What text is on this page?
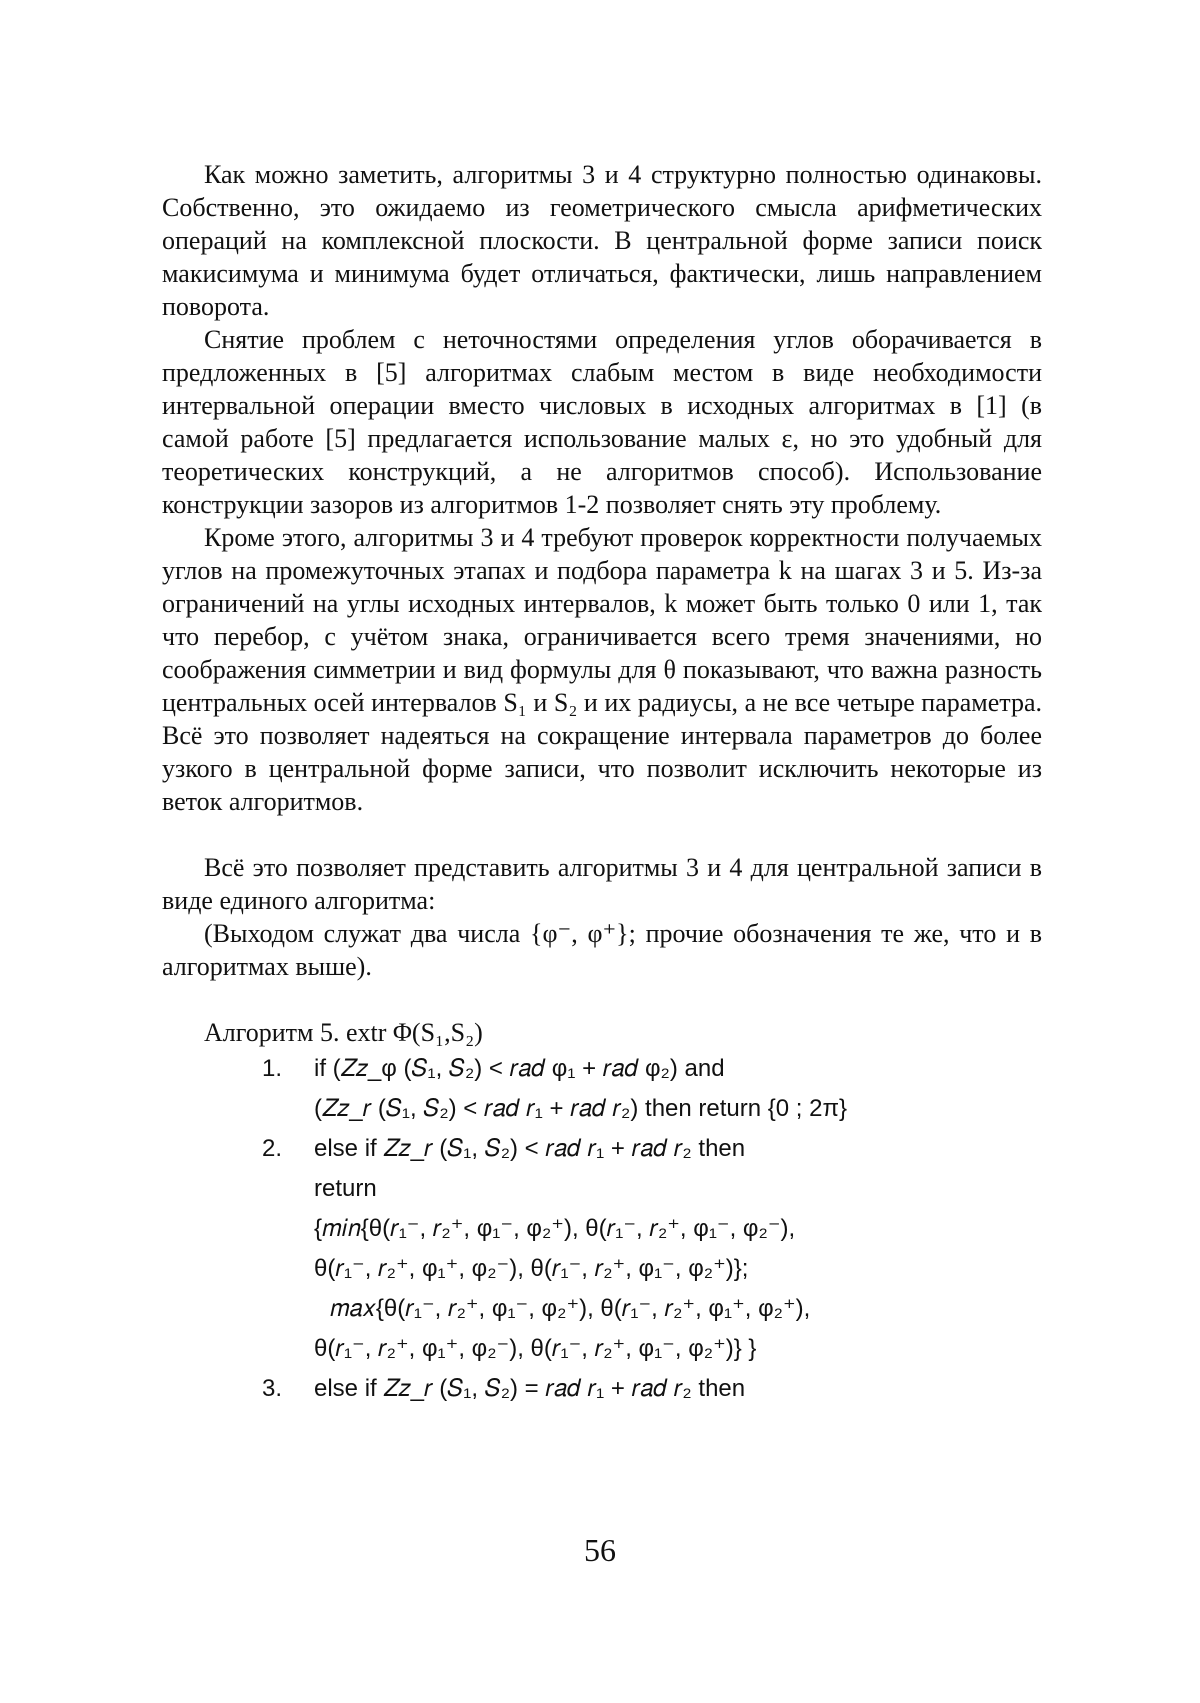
Как можно заметить, алгоритмы 3 и 4 структурно полностью одинаковы. Собственно, это ожидаемо из геометрического смысла арифметических операций на комплексной плоскости. В центральной форме записи поиск макисимума и минимума будет отличаться, фактически, лишь направлением поворота.

Снятие проблем с неточностями определения углов оборачивается в предложенных в [5] алгоритмах слабым местом в виде необходимости интервальной операции вместо числовых в исходных алгоритмах в [1] (в самой работе [5] предлагается использование малых ε, но это удобный для теоретических конструкций, а не алгоритмов способ). Использование конструкции зазоров из алгоритмов 1-2 позволяет снять эту проблему.

Кроме этого, алгоритмы 3 и 4 требуют проверок корректности получаемых углов на промежуточных этапах и подбора параметра k на шагах 3 и 5. Из-за ограничений на углы исходных интервалов, k может быть только 0 или 1, так что перебор, с учётом знака, ограничивается всего тремя значениями, но соображения симметрии и вид формулы для θ показывают, что важна разность центральных осей интервалов S₁ и S₂ и их радиусы, а не все четыре параметра. Всё это позволяет надеяться на сокращение интервала параметров до более узкого в центральной форме записи, что позволит исключить некоторые из веток алгоритмов.

Всё это позволяет представить алгоритмы 3 и 4 для центральной записи в виде единого алгоритма:

(Выходом служат два числа {φ⁻, φ⁺}; прочие обозначения те же, что и в алгоритмах выше).

Алгоритм 5. extr Φ(S₁,S₂)

1. if (𝑍𝑧_φ (𝑆₁, 𝑆₂) < 𝑟𝑎𝑑 φ₁ + 𝑟𝑎𝑑 φ₂) and
(𝑍𝑧_𝑟 (𝑆₁, 𝑆₂) < 𝑟𝑎𝑑 𝑟₁ + 𝑟𝑎𝑑 𝑟₂) then return {0 ; 2π}
2. else if 𝑍𝑧_𝑟 (𝑆₁, 𝑆₂) < 𝑟𝑎𝑑 𝑟₁ + 𝑟𝑎𝑑 𝑟₂ then
return
{𝑚𝑖𝑛{θ(𝑟₁⁻, 𝑟₂⁺, φ₁⁻, φ₂⁺), θ(𝑟₁⁻, 𝑟₂⁺, φ₁⁻, φ₂⁻),
θ(𝑟₁⁻, 𝑟₂⁺, φ₁⁺, φ₂⁻), θ(𝑟₁⁻, 𝑟₂⁺, φ₁⁻, φ₂⁺)};
𝑚𝑎𝑥{θ(𝑟₁⁻, 𝑟₂⁺, φ₁⁻, φ₂⁺), θ(𝑟₁⁻, 𝑟₂⁺, φ₁⁺, φ₂⁺),
θ(𝑟₁⁻, 𝑟₂⁺, φ₁⁺, φ₂⁻), θ(𝑟₁⁻, 𝑟₂⁺, φ₁⁻, φ₂⁺)} }
3. else if 𝑍𝑧_𝑟 (𝑆₁, 𝑆₂) = 𝑟𝑎𝑑 𝑟₁ + 𝑟𝑎𝑑 𝑟₂ then
56
